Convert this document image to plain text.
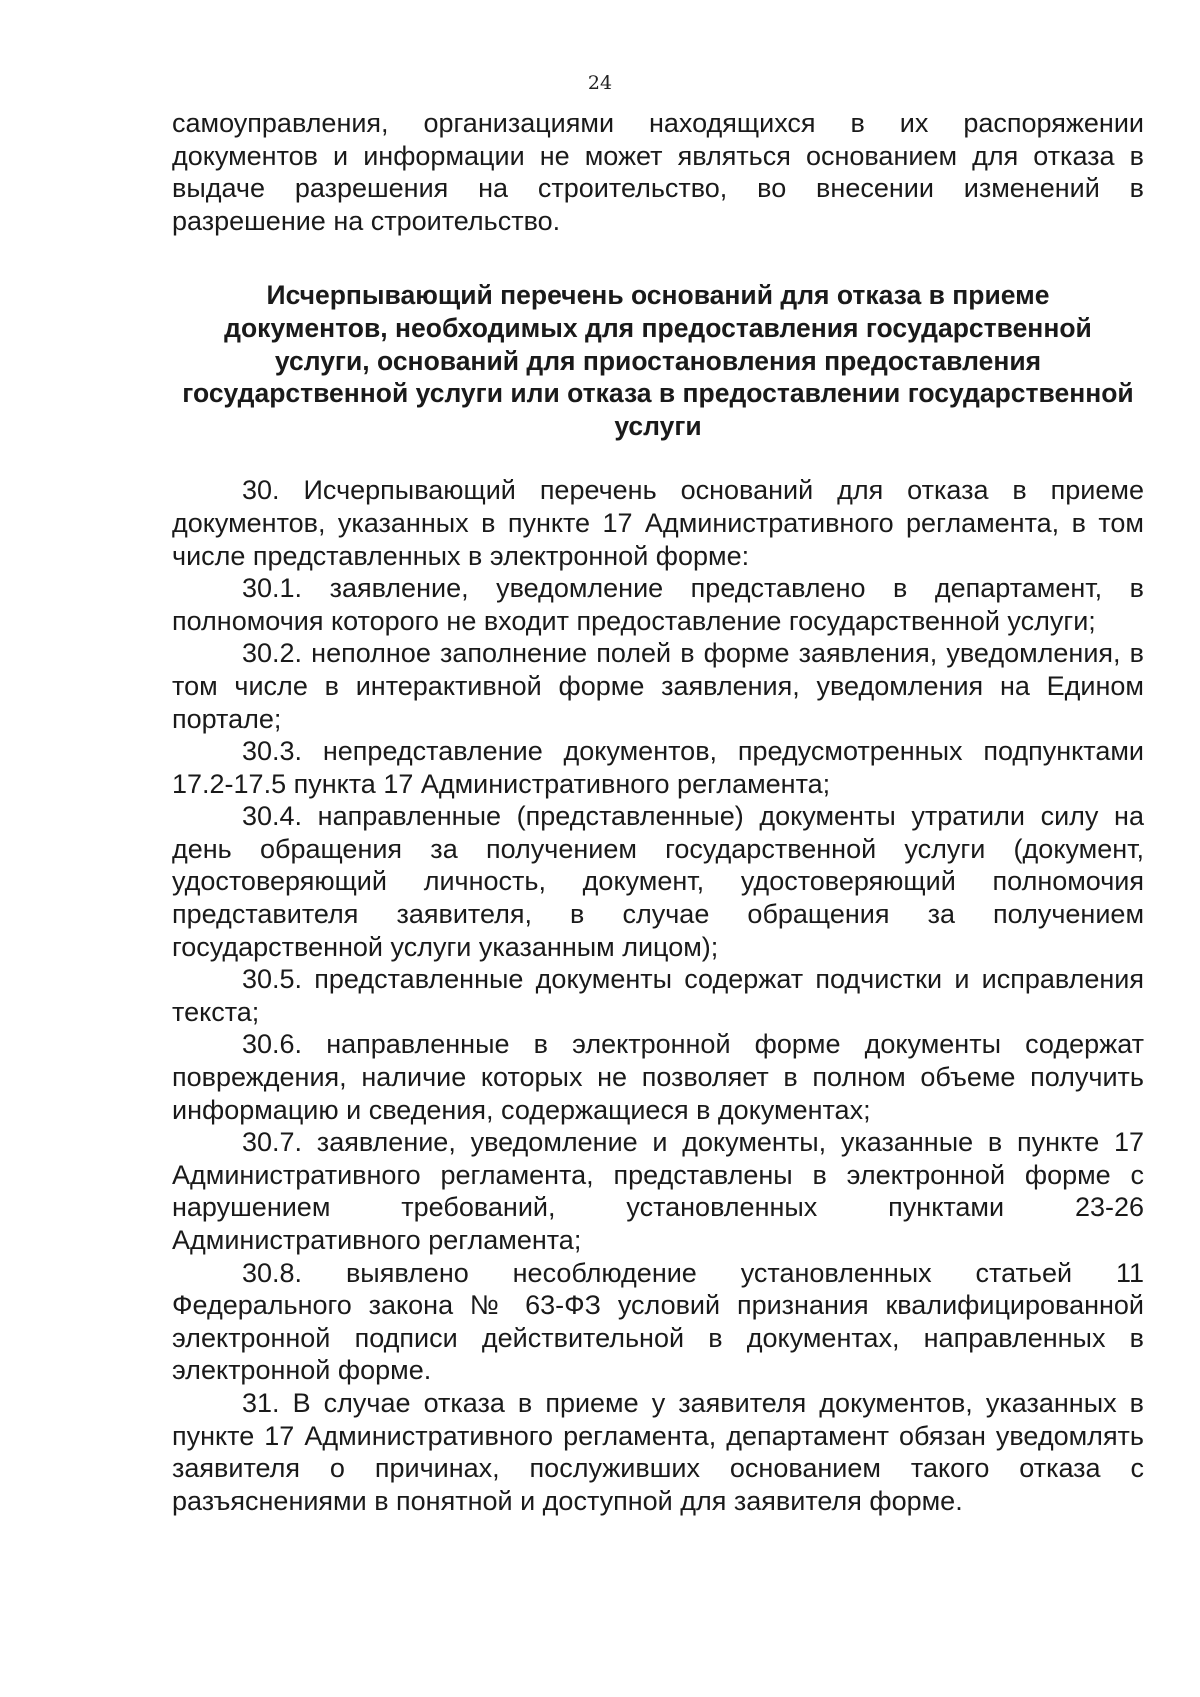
24

самоуправления, организациями находящихся в их распоряжении документов и информации не может являться основанием для отказа в выдаче разрешения на строительство, во внесении изменений в разрешение на строительство.

Исчерпывающий перечень оснований для отказа в приеме документов, необходимых для предоставления государственной услуги, оснований для приостановления предоставления государственной услуги или отказа в предоставлении государственной услуги

30. Исчерпывающий перечень оснований для отказа в приеме документов, указанных в пункте 17 Административного регламента, в том числе представленных в электронной форме:

30.1. заявление, уведомление представлено в департамент, в полномочия которого не входит предоставление государственной услуги;

30.2. неполное заполнение полей в форме заявления, уведомления, в том числе в интерактивной форме заявления, уведомления на Едином портале;

30.3. непредставление документов, предусмотренных подпунктами 17.2-17.5 пункта 17 Административного регламента;

30.4. направленные (представленные) документы утратили силу на день обращения за получением государственной услуги (документ, удостоверяющий личность, документ, удостоверяющий полномочия представителя заявителя, в случае обращения за получением государственной услуги указанным лицом);

30.5. представленные документы содержат подчистки и исправления текста;

30.6. направленные в электронной форме документы содержат повреждения, наличие которых не позволяет в полном объеме получить информацию и сведения, содержащиеся в документах;

30.7. заявление, уведомление и документы, указанные в пункте 17 Административного регламента, представлены в электронной форме с нарушением требований, установленных пунктами 23-26 Административного регламента;

30.8. выявлено несоблюдение установленных статьей 11 Федерального закона № 63-ФЗ условий признания квалифицированной электронной подписи действительной в документах, направленных в электронной форме.

31. В случае отказа в приеме у заявителя документов, указанных в пункте 17 Административного регламента, департамент обязан уведомлять заявителя о причинах, послуживших основанием такого отказа с разъяснениями в понятной и доступной для заявителя форме.
